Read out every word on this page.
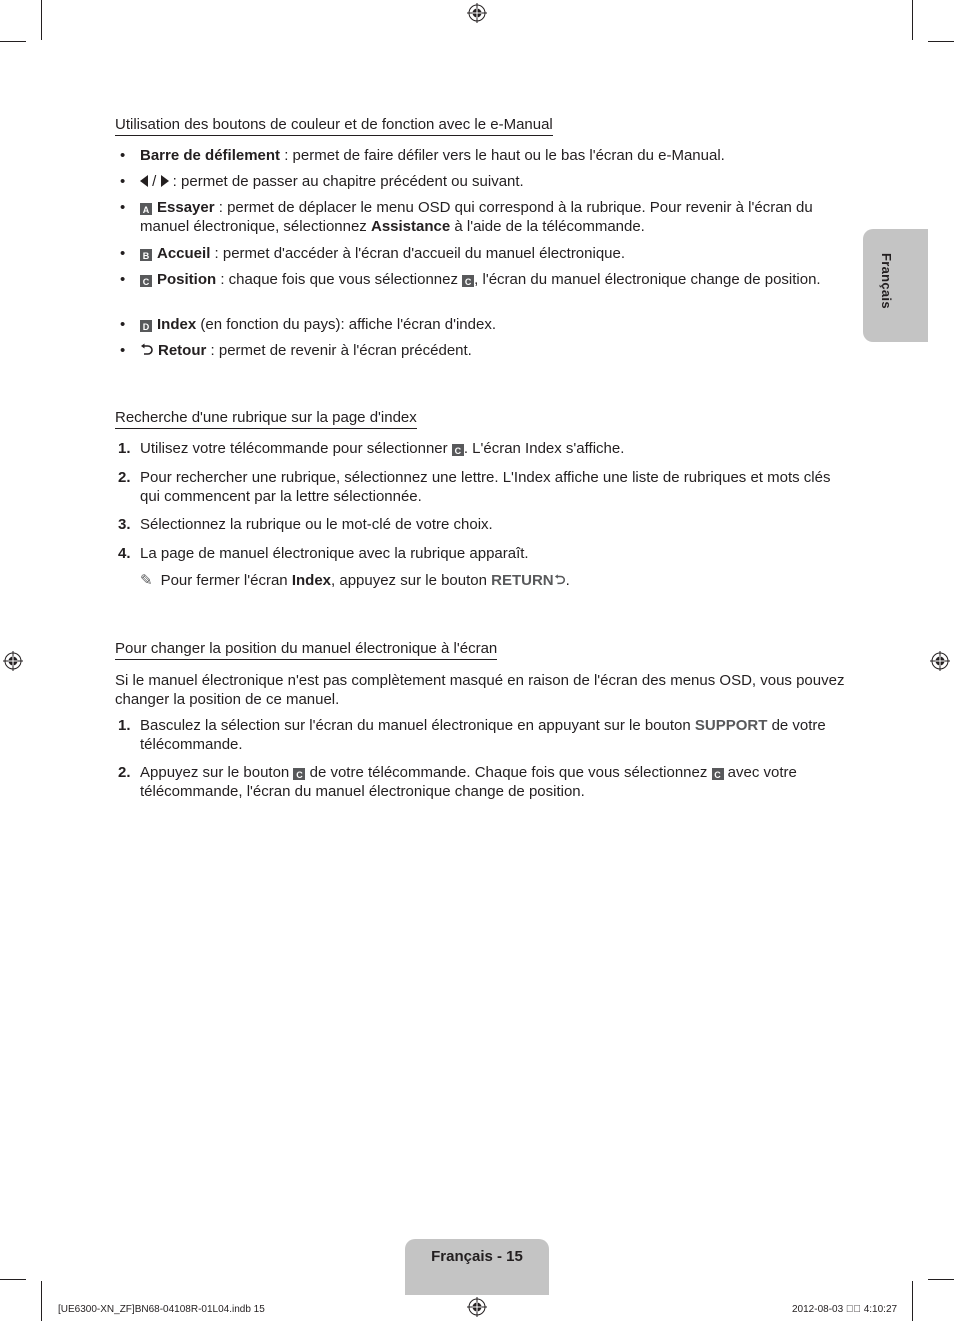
Français
Utilisation des boutons de couleur et de fonction avec le e-Manual
• Barre de défilement : permet de faire défiler vers le haut ou le bas l'écran du e-Manual.
•	/  : permet de passer au chapitre précédent ou suivant.
•	A Essayer : permet de déplacer le menu OSD qui correspond à la rubrique. Pour revenir à l'écran du manuel électronique, sélectionnez Assistance à l'aide de la télécommande.
•	B Accueil : permet d'accéder à l'écran d'accueil du manuel électronique.
•	C Position : chaque fois que vous sélectionnez C , l'écran du manuel électronique change de position.
•	D Index (en fonction du pays): affiche l'écran d'index.
•	Retour : permet de revenir à l'écran précédent.
Recherche d'une rubrique sur la page d'index
1. Utilisez votre télécommande pour sélectionner C . L'écran Index s'affiche.
2. Pour rechercher une rubrique, sélectionnez une lettre. L'Index affiche une liste de rubriques et mots clés qui commencent par la lettre sélectionnée.
3. Sélectionnez la rubrique ou le mot-clé de votre choix.
4. La page de manuel électronique avec la rubrique apparaît.
✎ Pour fermer l'écran Index, appuyez sur le bouton RETURN .
Pour changer la position du manuel électronique à l'écran
Si le manuel électronique n'est pas complètement masqué en raison de l'écran des menus OSD, vous pouvez changer la position de ce manuel.
1. Basculez la sélection sur l'écran du manuel électronique en appuyant sur le bouton SUPPORT de votre télécommande.
2. Appuyez sur le bouton C de votre télécommande. Chaque fois que vous sélectionnez C avec votre télécommande, l'écran du manuel électronique change de position.
Français - 15
[UE6300-XN_ZF]BN68-04108R-01L04.indb 15	2012-08-03 ￿￿ 4:10:27
